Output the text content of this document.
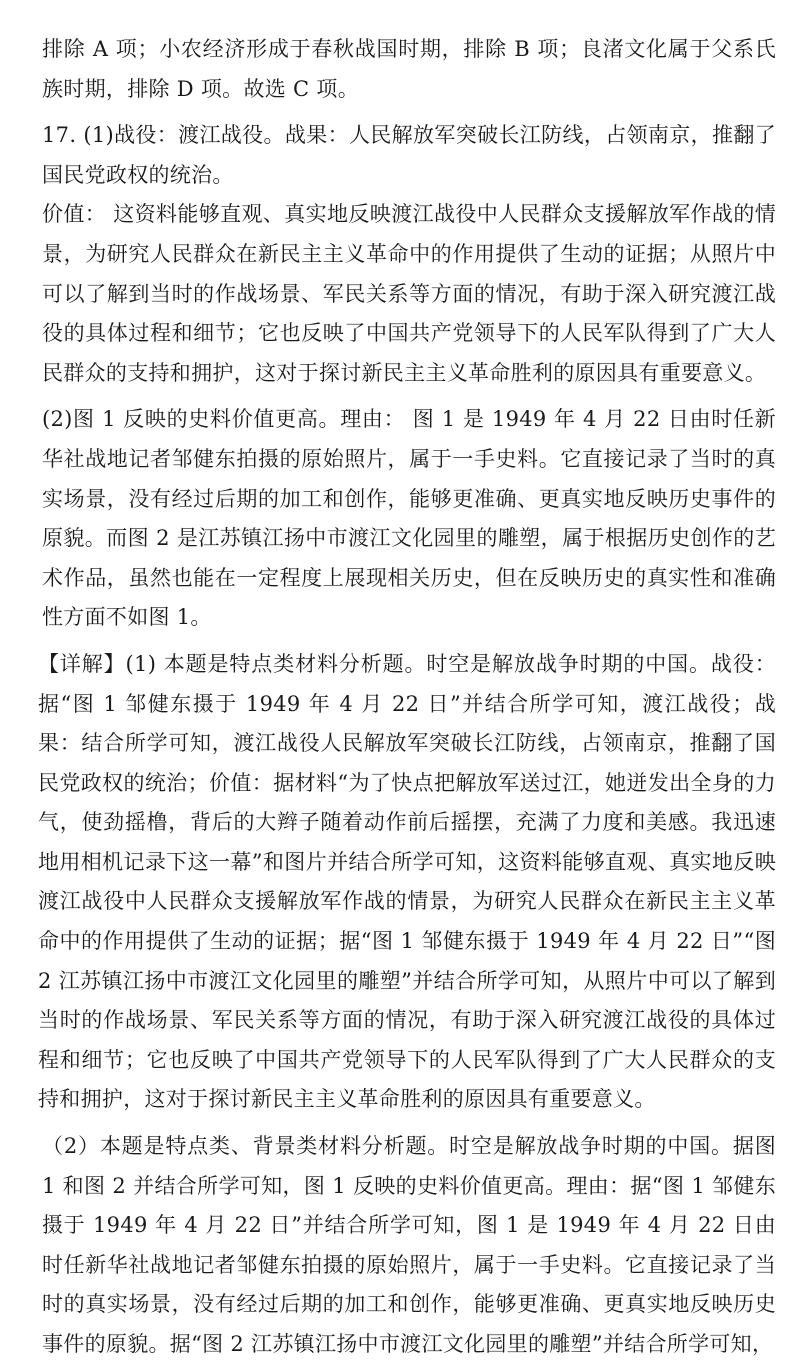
排除 A 项；小农经济形成于春秋战国时期，排除 B 项；良渚文化属于父系氏族时期，排除 D 项。故选 C 项。

17. (1)战役：渡江战役。战果：人民解放军突破长江防线，占领南京，推翻了国民党政权的统治。

价值： 这资料能够直观、真实地反映渡江战役中人民群众支援解放军作战的情景，为研究人民群众在新民主主义革命中的作用提供了生动的证据；从照片中可以了解到当时的作战场景、军民关系等方面的情况，有助于深入研究渡江战役的具体过程和细节；它也反映了中国共产党领导下的人民军队得到了广大人民群众的支持和拥护，这对于探讨新民主主义革命胜利的原因具有重要意义。

(2)图 1 反映的史料价值更高。理由： 图 1 是 1949 年 4 月 22 日由时任新华社战地记者邹健东拍摄的原始照片，属于一手史料。它直接记录了当时的真实场景，没有经过后期的加工和创作，能够更准确、更真实地反映历史事件的原貌。而图 2 是江苏镇江扬中市渡江文化园里的雕塑，属于根据历史创作的艺术作品，虽然也能在一定程度上展现相关历史，但在反映历史的真实性和准确性方面不如图 1。

【详解】(1) 本题是特点类材料分析题。时空是解放战争时期的中国。战役：据“图 1 邹健东摄于 1949 年 4 月 22 日”并结合所学可知，渡江战役；战果：结合所学可知，渡江战役人民解放军突破长江防线，占领南京，推翻了国民党政权的统治；价值：据材料“为了快点把解放军送过江，她迸发出全身的力气，使劲摇橹，背后的大辫子随着动作前后摇摆，充满了力度和美感。我迅速地用相机记录下这一幕”和图片并结合所学可知，这资料能够直观、真实地反映渡江战役中人民群众支援解放军作战的情景，为研究人民群众在新民主主义革命中的作用提供了生动的证据；据“图 1 邹健东摄于 1949 年 4 月 22 日”“图 2 江苏镇江扬中市渡江文化园里的雕塑”并结合所学可知，从照片中可以了解到当时的作战场景、军民关系等方面的情况，有助于深入研究渡江战役的具体过程和细节；它也反映了中国共产党领导下的人民军队得到了广大人民群众的支持和拥护，这对于探讨新民主主义革命胜利的原因具有重要意义。

（2）本题是特点类、背景类材料分析题。时空是解放战争时期的中国。据图 1 和图 2 并结合所学可知，图 1 反映的史料价值更高。理由：据“图 1 邹健东摄于 1949 年 4 月 22 日”并结合所学可知，图 1 是 1949 年 4 月 22 日由时任新华社战地记者邹健东拍摄的原始照片，属于一手史料。它直接记录了当时的真实场景，没有经过后期的加工和创作，能够更准确、更真实地反映历史事件的原貌。据“图 2 江苏镇江扬中市渡江文化园里的雕塑”并结合所学可知，
